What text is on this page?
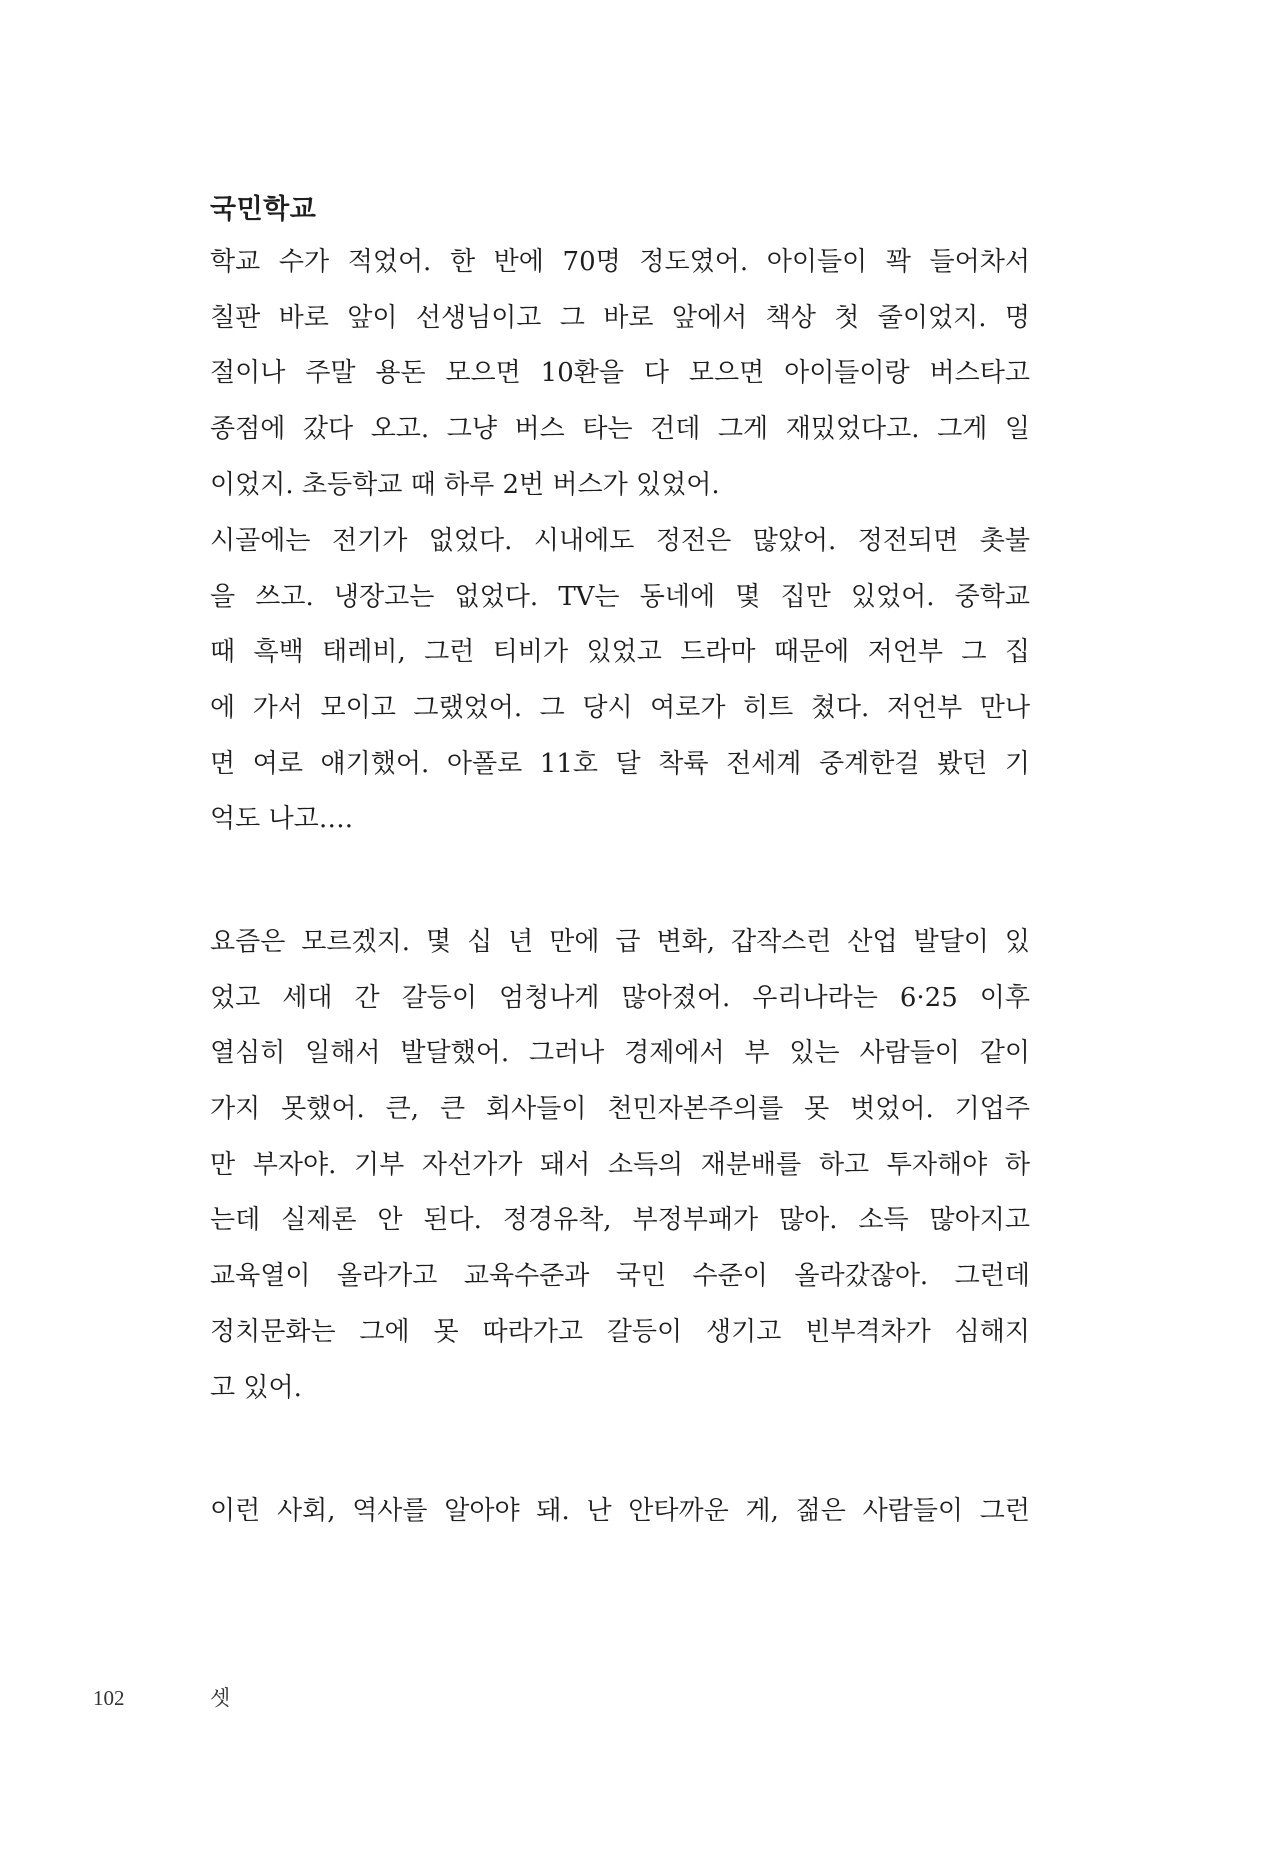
국민학교
학교 수가 적었어. 한 반에 70명 정도였어. 아이들이 꽉 들어차서
칠판 바로 앞이 선생님이고 그 바로 앞에서 책상 첫 줄이었지. 명
절이나 주말 용돈 모으면 10환을 다 모으면 아이들이랑 버스타고
종점에 갔다 오고. 그냥 버스 타는 건데 그게 재밌었다고. 그게 일
이었지. 초등학교 때 하루 2번 버스가 있었어.
시골에는 전기가 없었다. 시내에도 정전은 많았어. 정전되면 촛불
을 쓰고. 냉장고는 없었다. TV는 동네에 몇 집만 있었어. 중학교
때 흑백 태레비, 그런 티비가 있었고 드라마 때문에 저언부 그 집
에 가서 모이고 그랬었어. 그 당시 여로가 히트 쳤다. 저언부 만나
면 여로 얘기했어. 아폴로 11호 달 착륙 전세계 중계한걸 봤던 기
억도 나고….
요즘은 모르겠지. 몇 십 년 만에 급 변화, 갑작스런 산업 발달이 있
었고 세대 간 갈등이 엄청나게 많아졌어. 우리나라는 6·25 이후
열심히 일해서 발달했어. 그러나 경제에서 부 있는 사람들이 같이
가지 못했어. 큰, 큰 회사들이 천민자본주의를 못 벗었어. 기업주
만 부자야. 기부 자선가가 돼서 소득의 재분배를 하고 투자해야 하
는데 실제론 안 된다. 정경유착, 부정부패가 많아. 소득 많아지고
교육열이 올라가고 교육수준과 국민 수준이 올라갔잖아. 그런데
정치문화는 그에 못 따라가고 갈등이 생기고 빈부격차가 심해지
고 있어.
이런 사회, 역사를 알아야 돼. 난 안타까운 게, 젊은 사람들이 그런
102	셋
